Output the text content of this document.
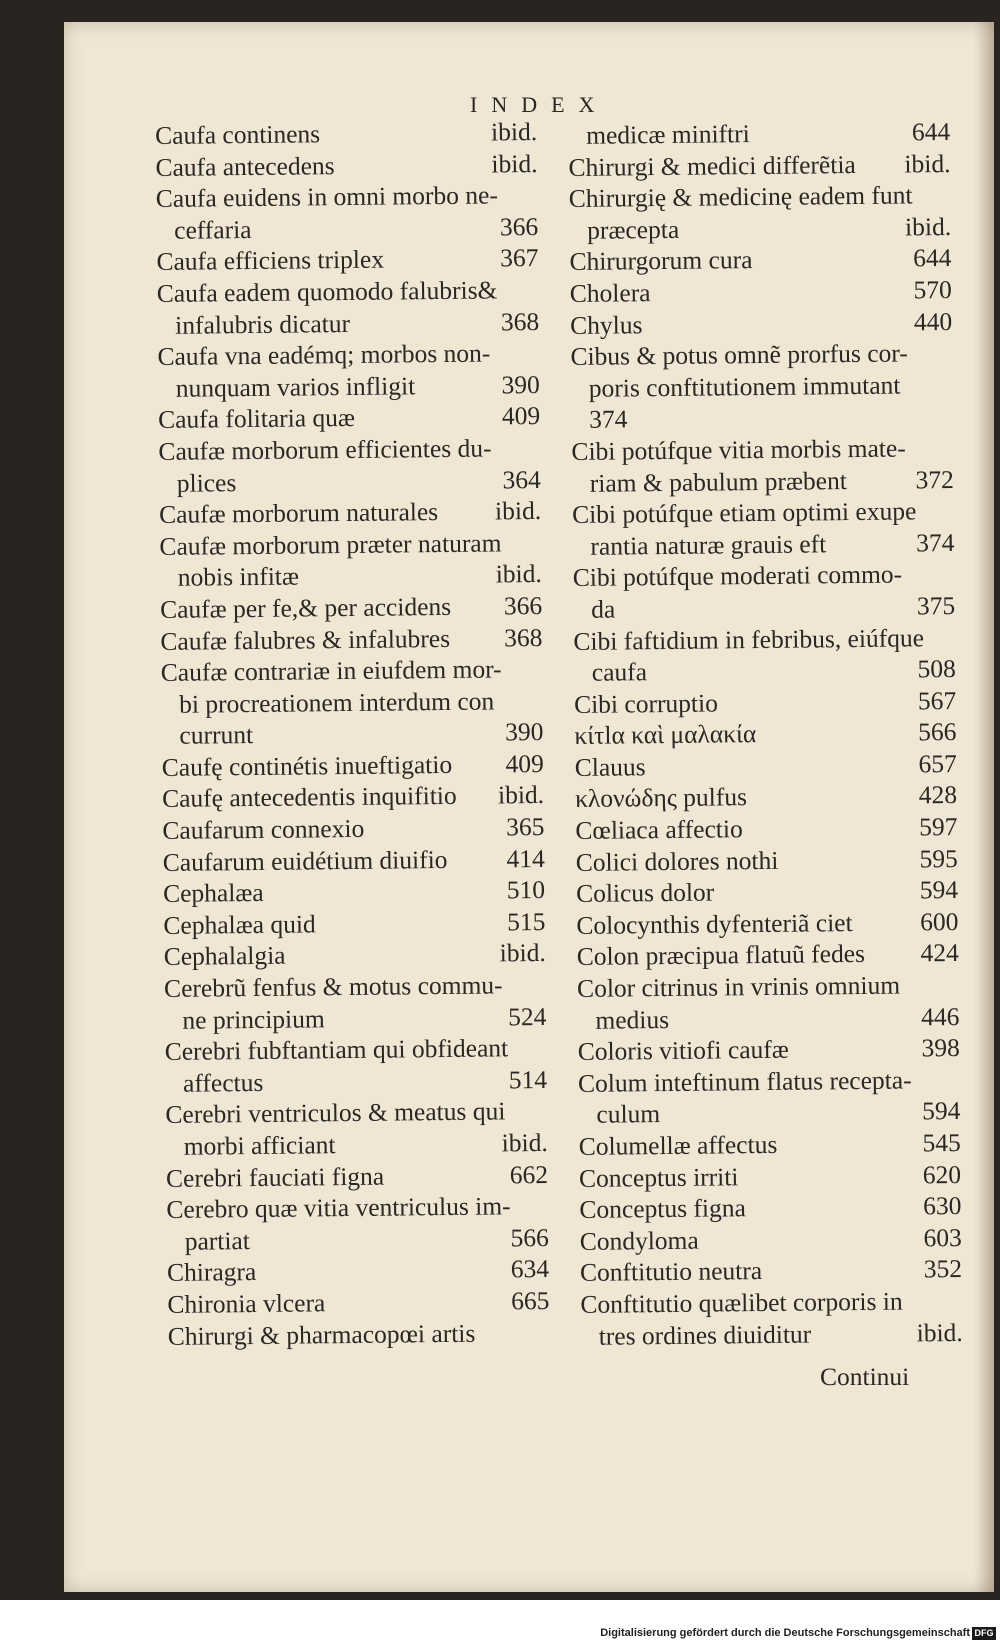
INDEX
Caufa continens	ibid.
Caufa antecedens	ibid.
Caufa euidens in omni morbo ne-
ceffaria	366
Caufa efficiens triplex	367
Caufa eadem quomodo falubris&
infalubris dicatur	368
Caufa vna eadémq; morbos non-
nunquam varios infligit	390
Caufa folitaria quæ	409
Caufæ morborum efficientes du-
plices	364
Caufæ morborum naturales	ibid.
Caufæ morborum præter naturam
nobis infitæ	ibid.
Caufæ per fe,& per accidens	366
Caufæ falubres & infalubres	368
Caufæ contrariæ in eiufdem mor-
bi procreationem interdum con
currunt	390
Caufę continétis inueftigatio	409
Caufę antecedentis inquifitio	ibid.
Caufarum connexio	365
Caufarum euidétium diuifio	414
Cephalæa	510
Cephalæa quid	515
Cephalalgia	ibid.
Cerebrũ fenfus & motus commu-
ne principium	524
Cerebri fubftantiam qui obfideant
affectus	514
Cerebri ventriculos & meatus qui
morbi afficiant	ibid.
Cerebri fauciati figna	662
Cerebro quæ vitia ventriculus im-
partiat	566
Chiragra	634
Chironia vlcera	665
Chirurgi & pharmacopœi artis
medicæ miniftri	644
Chirurgi & medici differẽtia	ibid.
Chirurgię & medicinę eadem funt
præcepta	ibid.
Chirurgorum cura	644
Cholera	570
Chylus	440
Cibus & potus omnẽ prorfus cor-
poris conftitutionem immutant
374
Cibi potúfque vitia morbis mate-
riam & pabulum præbent	372
Cibi potúfque etiam optimi exupe
rantia naturæ grauis eft	374
Cibi potúfque moderati commo-
da	375
Cibi faftidium in febribus, eiúfque
caufa	508
Cibi corruptio	567
κίτlα καὶ μαλακία	566
Clauus	657
κλονώδης pulfus	428
Cœliaca affectio	597
Colici dolores nothi	595
Colicus dolor	594
Colocynthis dyfenteriã ciet	600
Colon præcipua flatuũ fedes	424
Color citrinus in vrinis omnium
medius	446
Coloris vitiofi caufæ	398
Colum inteftinum flatus recepta-
culum	594
Columellæ affectus	545
Conceptus irriti	620
Conceptus figna	630
Condyloma	603
Conftitutio neutra	352
Conftitutio quælibet corporis in
tres ordines diuiditur	ibid.
Continui
Digitalisierung gefördert durch die Deutsche Forschungsgemeinschaft DFG
